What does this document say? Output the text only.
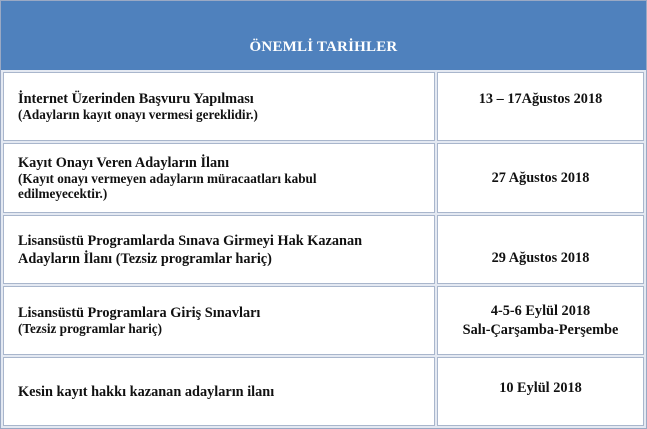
ÖNEMLİ TARİHLER
İnternet Üzerinden Başvuru Yapılması
(Adayların kayıt onayı vermesi gereklidir.)
13 – 17Ağustos 2018
Kayıt Onayı Veren Adayların İlanı
(Kayıt onayı vermeyen adayların müracaatları kabul edilmeyecektir.)
27 Ağustos 2018
Lisansüstü Programlarda Sınava Girmeyi Hak Kazanan Adayların İlanı (Tezsiz programlar hariç)	29 Ağustos 2018
Lisansüstü Programlara Giriş Sınavları
(Tezsiz programlar hariç)
4-5-6 Eylül 2018
Salı-Çarşamba-Perşembe
Kesin kayıt hakkı kazanan adayların ilanı	10 Eylül 2018
